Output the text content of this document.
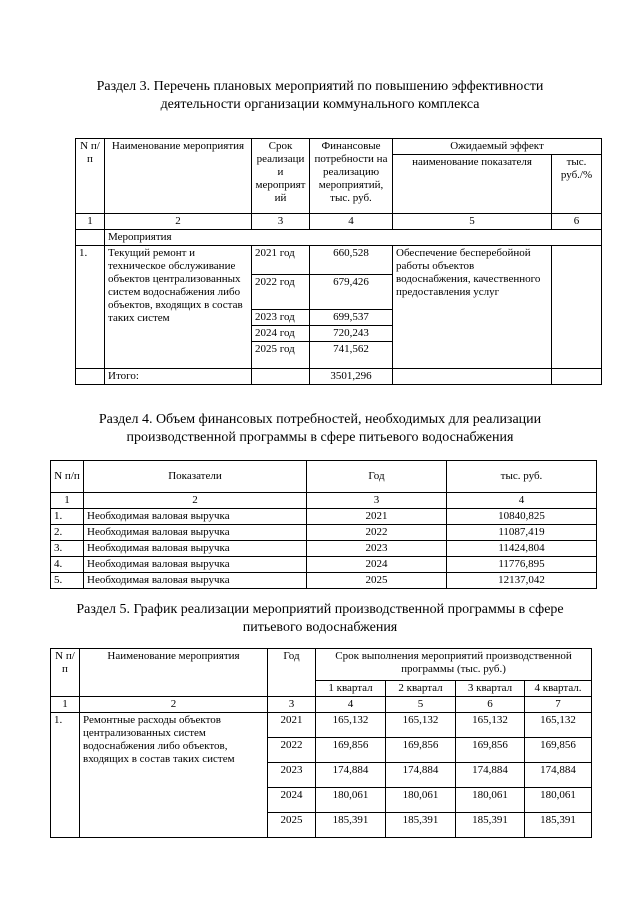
Раздел 3. Перечень плановых мероприятий по повышению эффективности
деятельности организации коммунального комплекса
N п/п	Наименование мероприятия	Срок реализаци и мероприят ий	Финансовые потребности на реализацию мероприятий, тыс. руб.	Ожидаемый эффект	
				наименование показателя	тыс. руб./%
1	2	3	4	5	6
	Мероприятия				
1.	Текущий ремонт и техническое обслуживание объектов централизованных систем водоснабжения либо объектов, входящих в состав таких систем	2021 год	660,528	Обеспечение бесперебойной работы объектов водоснабжения, качественного предоставления услуг	
		2022 год	679,426		
		2023 год	699,537		
		2024 год	720,243		
		2025 год	741,562		
	Итого:		3501,296		
Раздел 4. Объем финансовых потребностей, необходимых для реализации
производственной программы в сфере питьевого водоснабжения
N п/п	Показатели	Год	тыс. руб.
1	2	3	4
1.	Необходимая валовая выручка	2021	10840,825
2.	Необходимая валовая выручка	2022	11087,419
3.	Необходимая валовая выручка	2023	11424,804
4.	Необходимая валовая выручка	2024	11776,895
5.	Необходимая валовая выручка	2025	12137,042
Раздел 5. График реализации мероприятий производственной программы в сфере
питьевого водоснабжения
N п/ п	Наименование мероприятия	Год	Срок выполнения мероприятий производственной программы (тыс. руб.)			
			1 квартал	2 квартал	3 квартал	4 квартал.
1	2	3	4	5	6	7
1.	Ремонтные расходы объектов централизованных систем водоснабжения либо объектов, входящих в состав таких систем	2021	165,132	165,132	165,132	165,132
		2022	169,856	169,856	169,856	169,856
		2023	174,884	174,884	174,884	174,884
		2024	180,061	180,061	180,061	180,061
		2025	185,391	185,391	185,391	185,391
